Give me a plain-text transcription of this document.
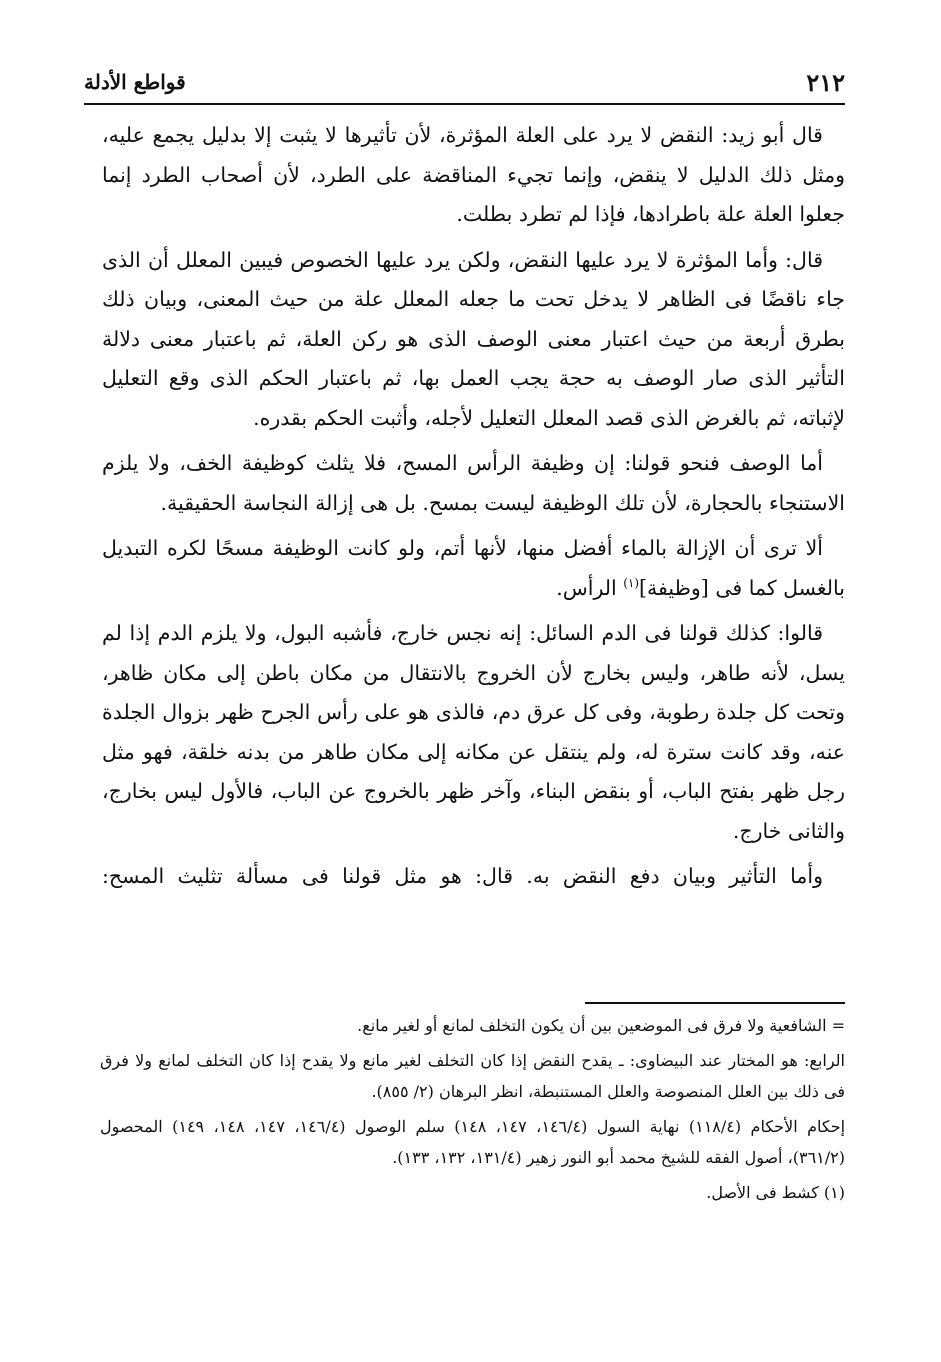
٢١٢
قواطع الأدلة

قال أبو زيد: النقض لا يرد على العلة المؤثرة، لأن تأثيرها لا يثبت إلا بدليل يجمع عليه، ومثل ذلك الدليل لا ينقض، وإنما تجيء المناقضة على الطرد، لأن أصحاب الطرد إنما جعلوا العلة علة باطرادها، فإذا لم تطرد بطلت.

قال: وأما المؤثرة لا يرد عليها النقض، ولكن يرد عليها الخصوص فيبين المعلل أن الذى جاء ناقضًا فى الظاهر لا يدخل تحت ما جعله المعلل علة من حيث المعنى، وبيان ذلك بطرق أربعة من حيث اعتبار معنى الوصف الذى هو ركن العلة، ثم باعتبار معنى دلالة التأثير الذى صار الوصف به حجة يجب العمل بها، ثم باعتبار الحكم الذى وقع التعليل لإثباته، ثم بالغرض الذى قصد المعلل التعليل لأجله، وأثبت الحكم بقدره.

أما الوصف فنحو قولنا: إن وظيفة الرأس المسح، فلا يثلث كوظيفة الخف، ولا يلزم الاستنجاء بالحجارة، لأن تلك الوظيفة ليست بمسح. بل هى إزالة النجاسة الحقيقية.

ألا ترى أن الإزالة بالماء أفضل منها، لأنها أتم، ولو كانت الوظيفة مسحًا لكره التبديل بالغسل كما فى [وظيفة]$^{(١)}$ الرأس.

قالوا: كذلك قولنا فى الدم السائل: إنه نجس خارج، فأشبه البول، ولا يلزم الدم إذا لم يسل، لأنه طاهر، وليس بخارج لأن الخروج بالانتقال من مكان باطن إلى مكان ظاهر، وتحت كل جلدة رطوبة، وفى كل عرق دم، فالذى هو على رأس الجرح ظهر بزوال الجلدة عنه، وقد كانت سترة له، ولم ينتقل عن مكانه إلى مكان طاهر من بدنه خلقة، فهو مثل رجل ظهر بفتح الباب، أو بنقض البناء، وآخر ظهر بالخروج عن الباب، فالأول ليس بخارج، والثانى خارج.

وأما التأثير وبيان دفع النقض به. قال: هو مثل قولنا فى مسألة تثليث المسح:

= الشافعية ولا فرق فى الموضعين بين أن يكون التخلف لمانع أو لغير مانع.

الرابع: هو المختار عند البيضاوى: ـ يقدح النقض إذا كان التخلف لغير مانع ولا يقدح إذا كان التخلف لمانع ولا فرق فى ذلك بين العلل المنصوصة والعلل المستنبطة، انظر البرهان (٢/ ٨٥٥).

إحكام الأحكام (١١٨/٤) نهاية السول (١٤٦/٤، ١٤٧، ١٤٨) سلم الوصول (١٤٦/٤، ١٤٧، ١٤٨، ١٤٩) المحصول (٣٦١/٢)، أصول الفقه للشيخ محمد أبو النور زهير (١٣١/٤، ١٣٢، ١٣٣).

(١) كشط فى الأصل.
